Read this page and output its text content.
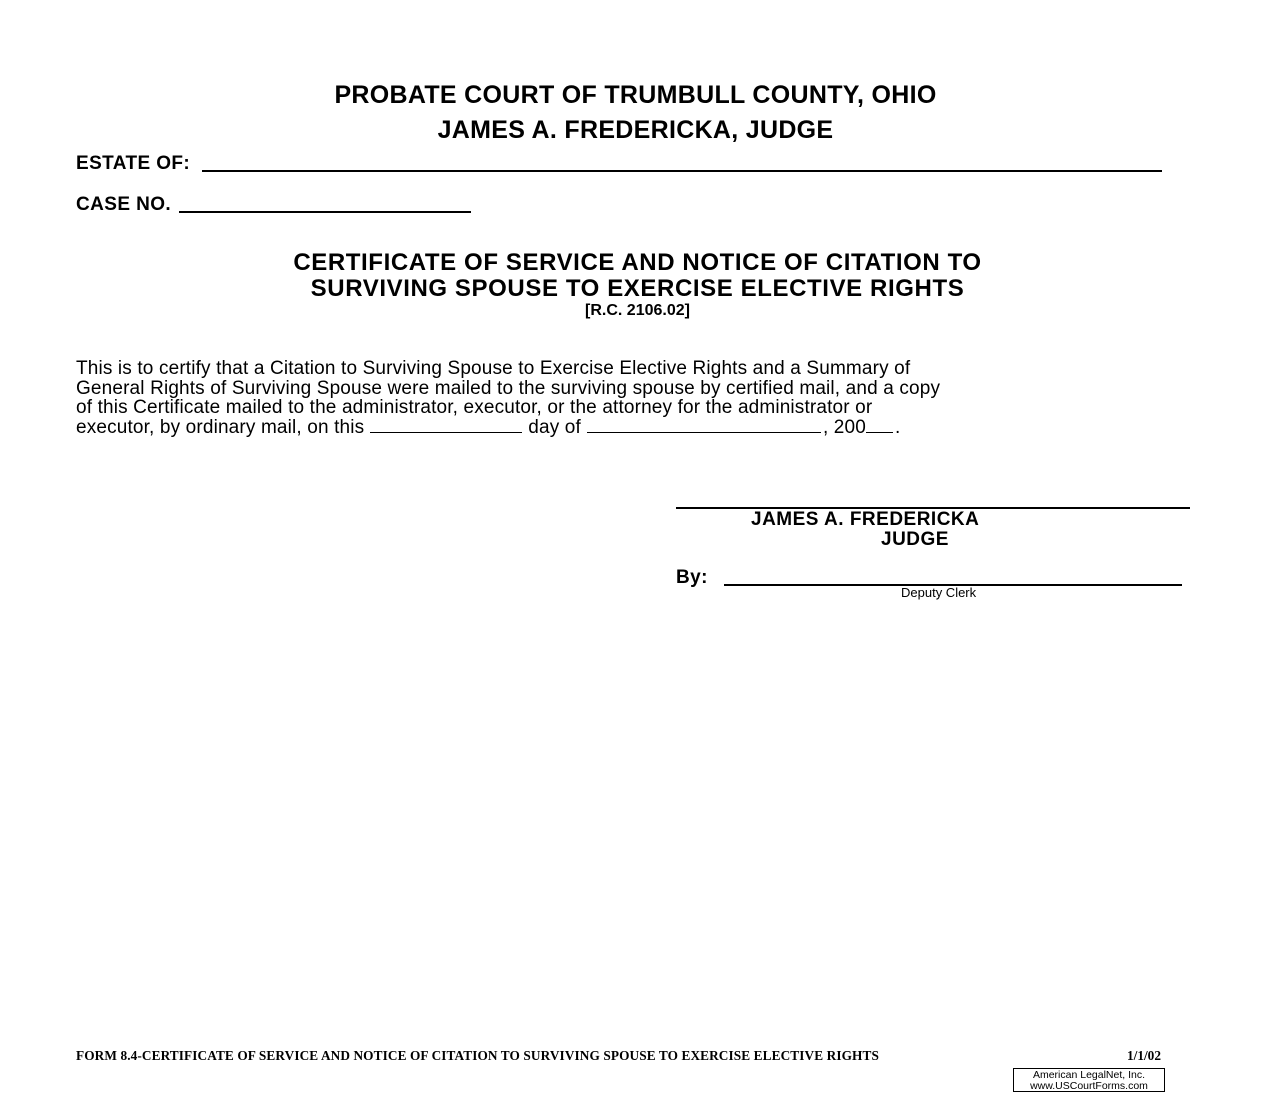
PROBATE COURT OF TRUMBULL COUNTY, OHIO
JAMES A. FREDERICKA, JUDGE
ESTATE OF:
CASE NO.
CERTIFICATE OF SERVICE AND NOTICE OF CITATION TO
SURVIVING SPOUSE TO EXERCISE ELECTIVE RIGHTS
[R.C. 2106.02]
This is to certify that a Citation to Surviving Spouse to Exercise Elective Rights and a Summary of
General Rights of Surviving Spouse were mailed to the surviving spouse by certified mail, and a copy
of this Certificate mailed to the administrator, executor, or the attorney for the administrator or
executor, by ordinary mail, on this	day of	, 200 .
JAMES A. FREDERICKA
JUDGE
By:
Deputy Clerk
FORM 8.4-CERTIFICATE OF SERVICE AND NOTICE OF CITATION TO SURVIVING SPOUSE TO EXERCISE ELECTIVE RIGHTS	1/1/02
American LegalNet, Inc.
www.USCourtForms.com
